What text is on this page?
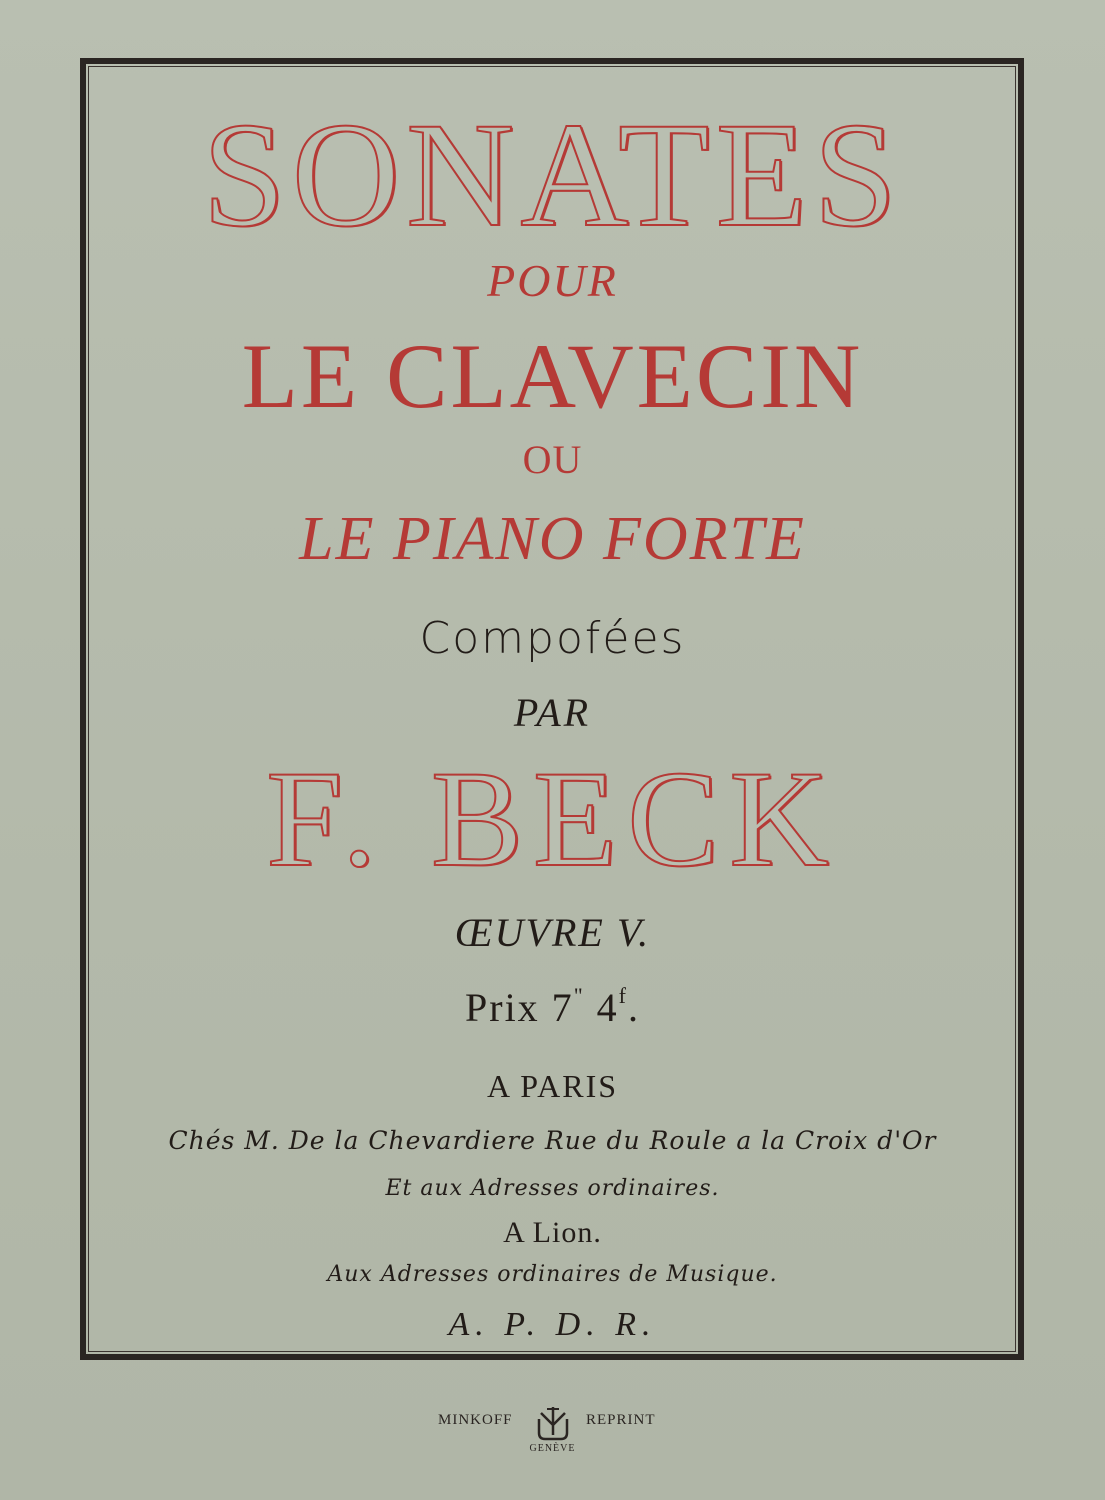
SONATES
POUR
LE CLAVECIN
OU
LE PIANO FORTE
Compofées
PAR
F. BECK
ŒUVRE V.
Prix 7" 4$^f$.
A PARIS
Chés M. De la Chevardiere Rue du Roule a la Croix d'Or
Et aux Adresses ordinaires.
A Lion.
Aux Adresses ordinaires de Musique.
A. P. D. R.
MINKOFF	REPRINT
GENÈVE
